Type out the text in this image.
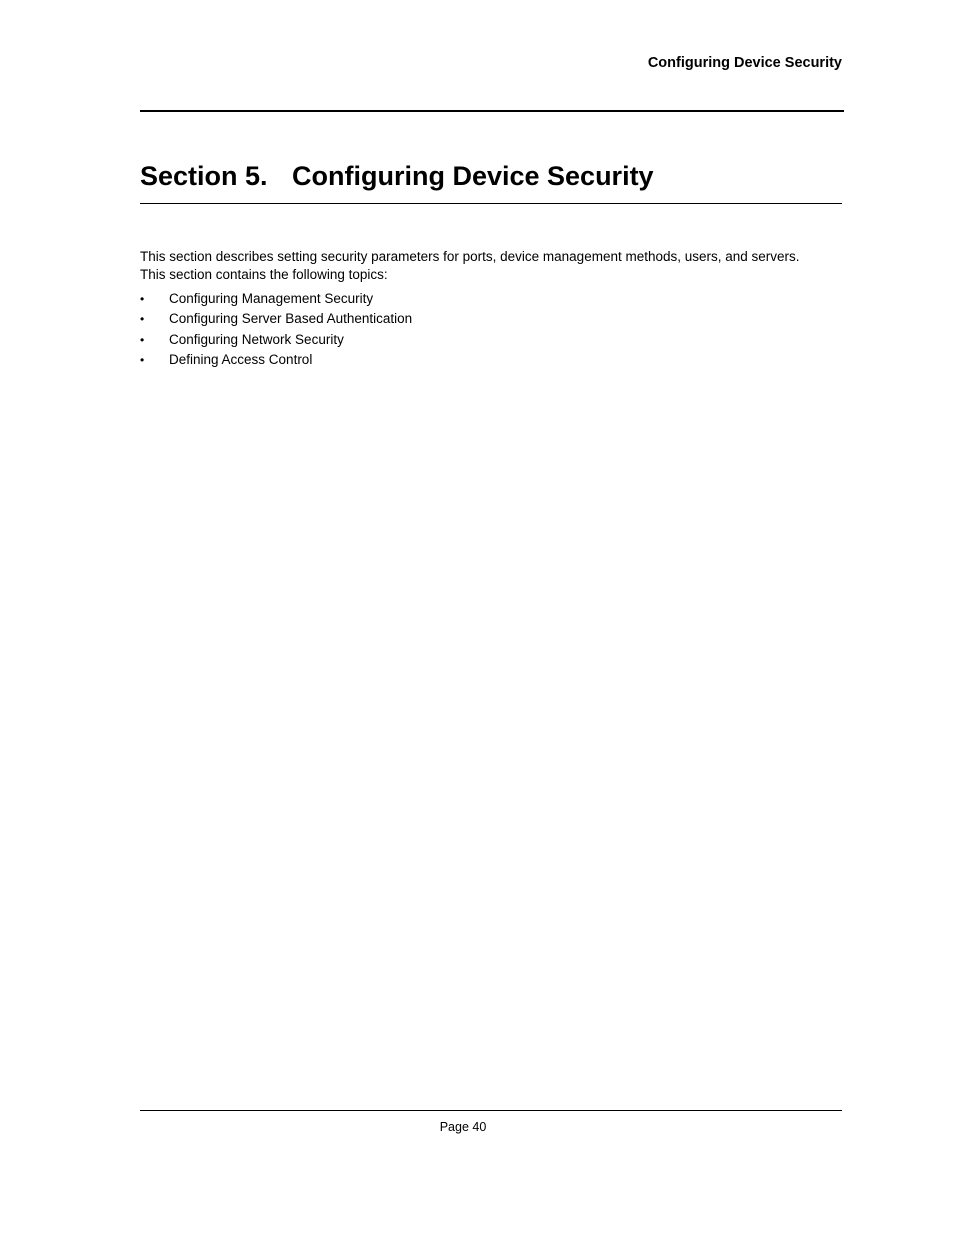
Configuring Device Security
Section 5. Configuring Device Security

This section describes setting security parameters for ports, device management methods, users, and servers.
This section contains the following topics:

• Configuring Management Security
• Configuring Server Based Authentication
• Configuring Network Security
• Defining Access Control
Page 40
